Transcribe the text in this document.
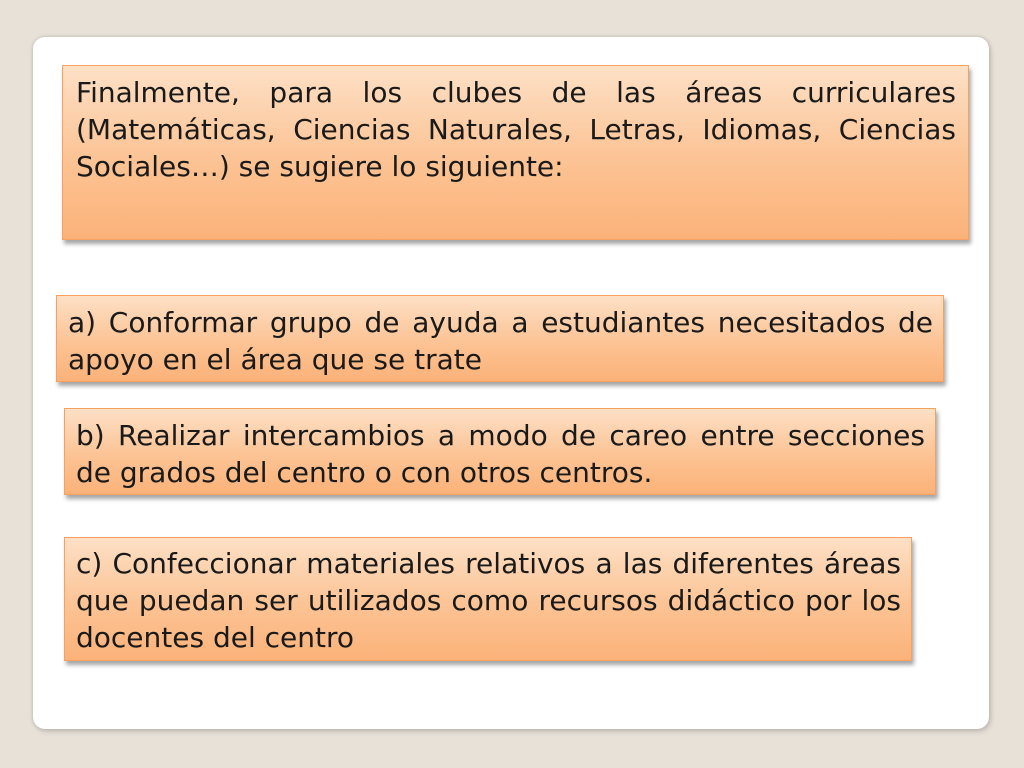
Finalmente, para los clubes de las áreas curriculares (Matemáticas, Ciencias Naturales, Letras, Idiomas, Ciencias Sociales…) se sugiere lo siguiente:
a) Conformar grupo de ayuda a estudiantes necesitados de apoyo en el área que se trate
b) Realizar intercambios a modo de careo entre secciones de grados del centro o con otros centros.
c) Confeccionar materiales relativos a las diferentes áreas que puedan ser utilizados como recursos didáctico por los docentes del centro
